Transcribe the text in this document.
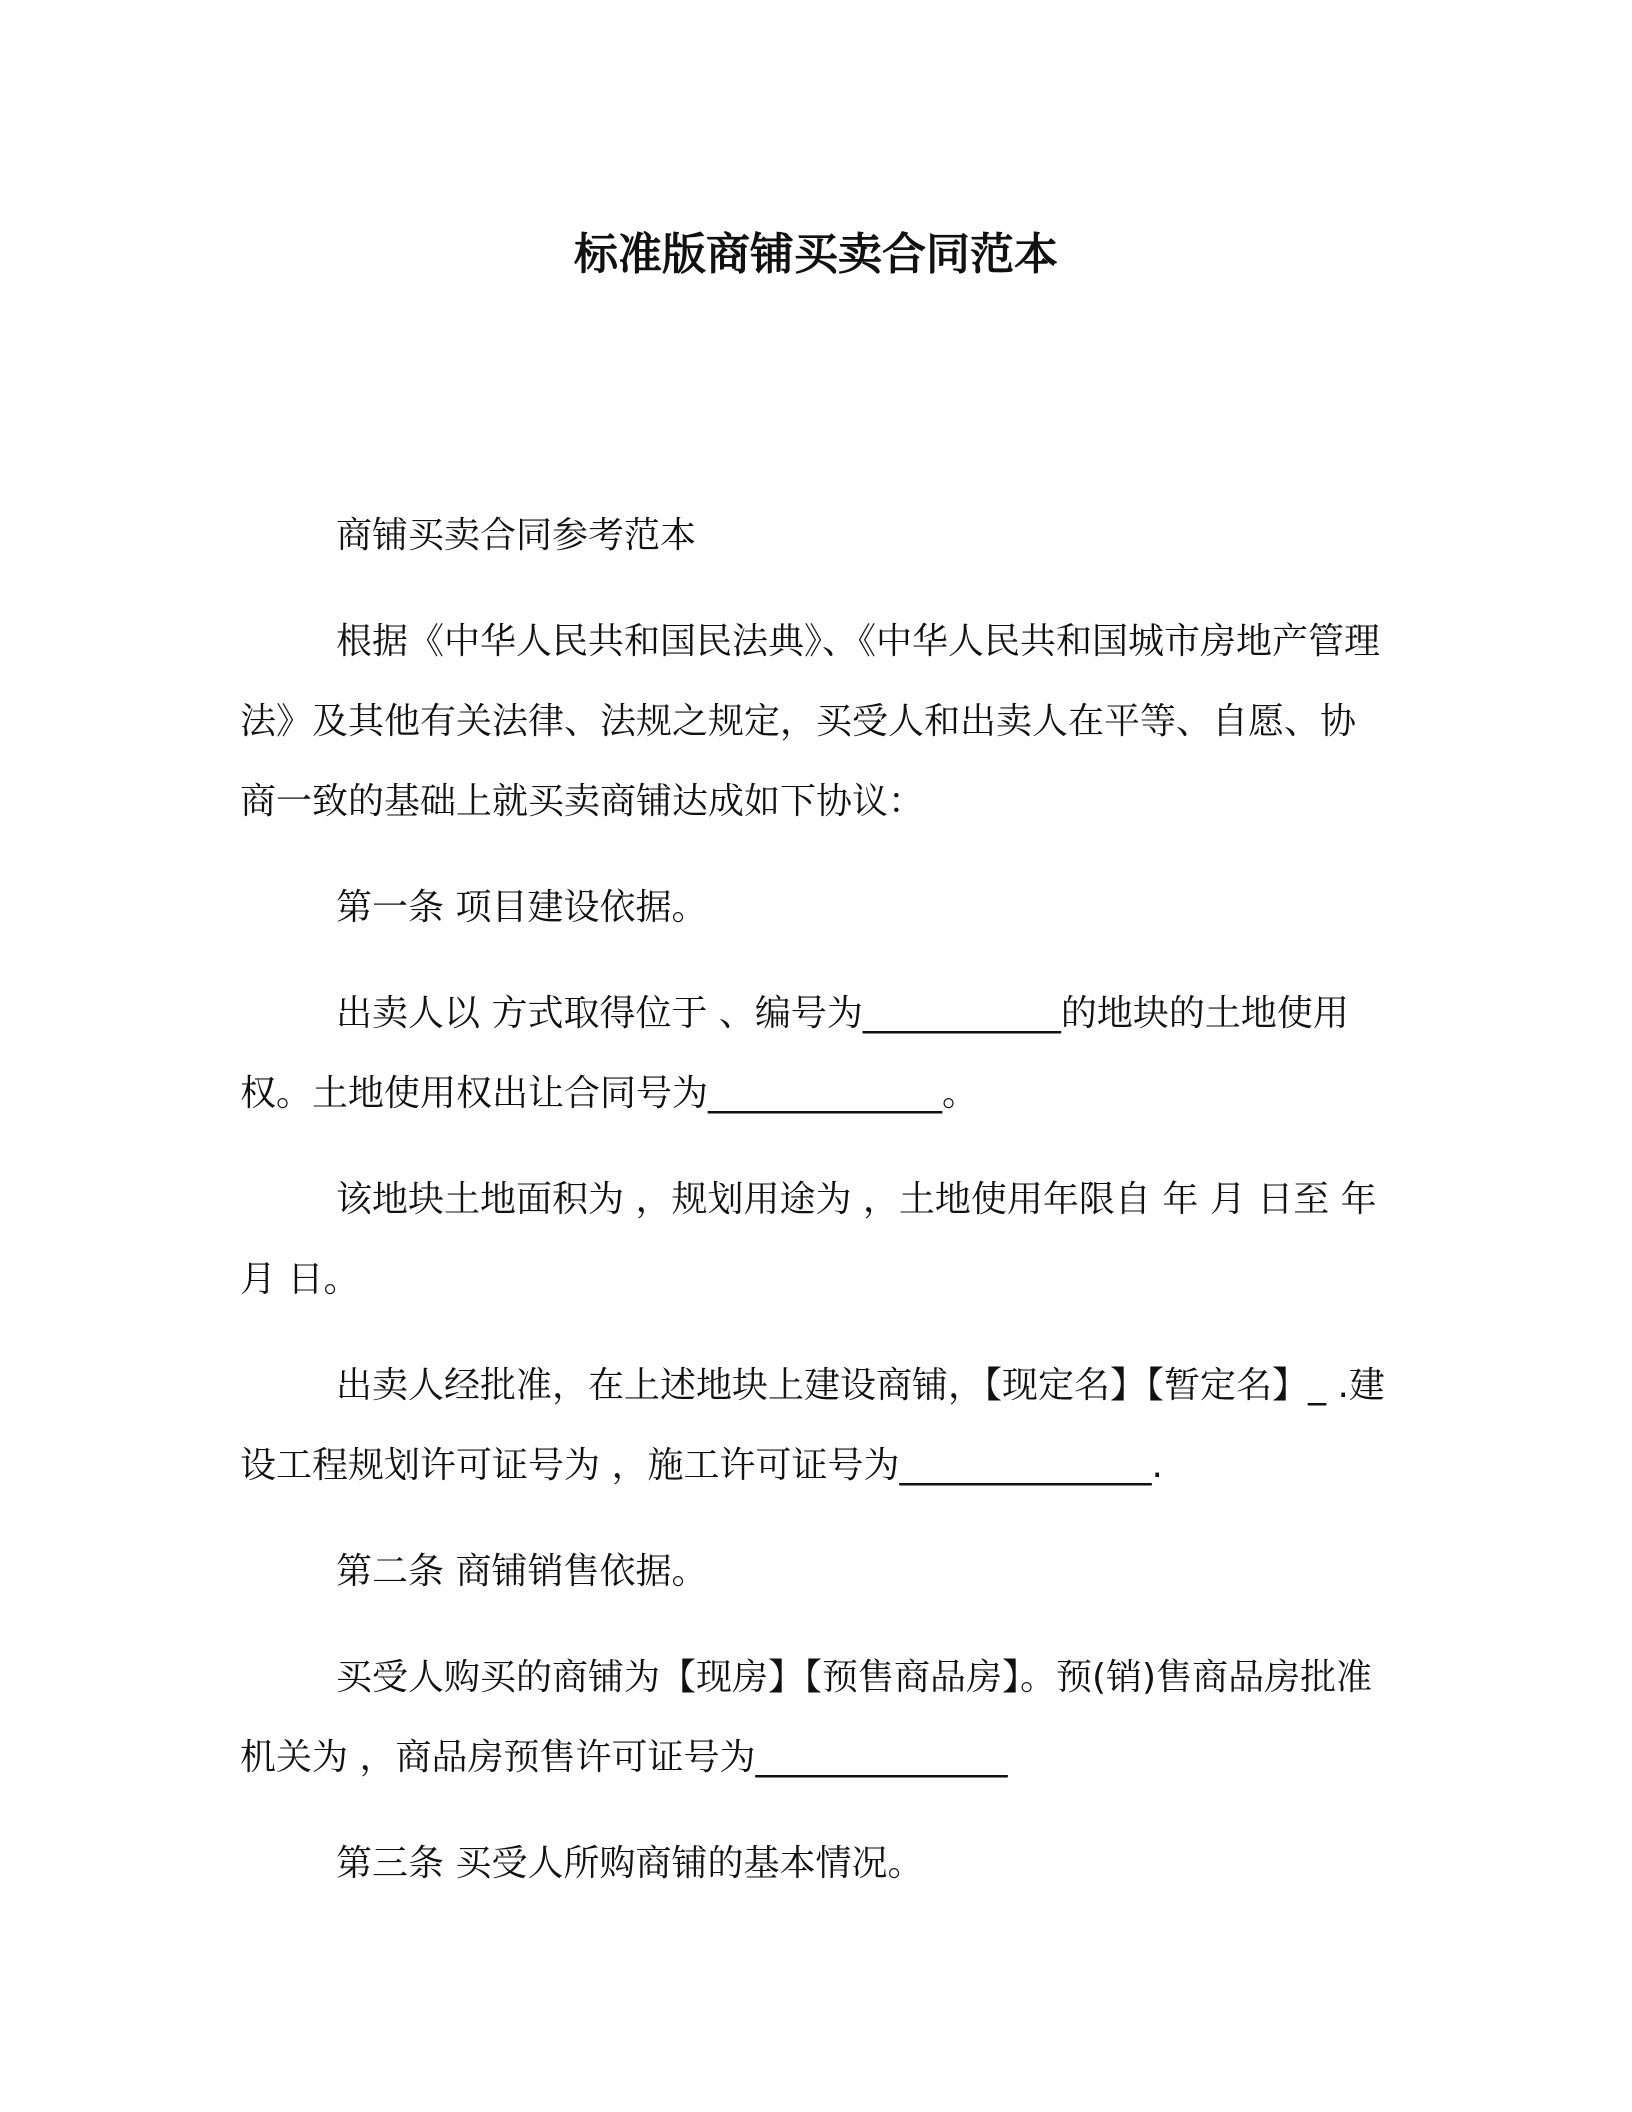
标准版商铺买卖合同范本

商铺买卖合同参考范本

根据《中华人民共和国民法典》、《中华人民共和国城市房地产管理法》及其他有关法律、法规之规定，买受人和出卖人在平等、自愿、协商一致的基础上就买卖商铺达成如下协议：

第一条 项目建设依据。

出卖人以 方式取得位于 、编号为___________的地块的土地使用权。土地使用权出让合同号为_____________。

该地块土地面积为 ，规划用途为 ，土地使用年限自 年 月 日至 年 月 日。

出卖人经批准，在上述地块上建设商铺，【现定名】【暂定名】_ .建设工程规划许可证号为 ，施工许可证号为______________.

第二条 商铺销售依据。

买受人购买的商铺为【现房】【预售商品房】。预(销)售商品房批准机关为 ，商品房预售许可证号为______________

第三条 买受人所购商铺的基本情况。
